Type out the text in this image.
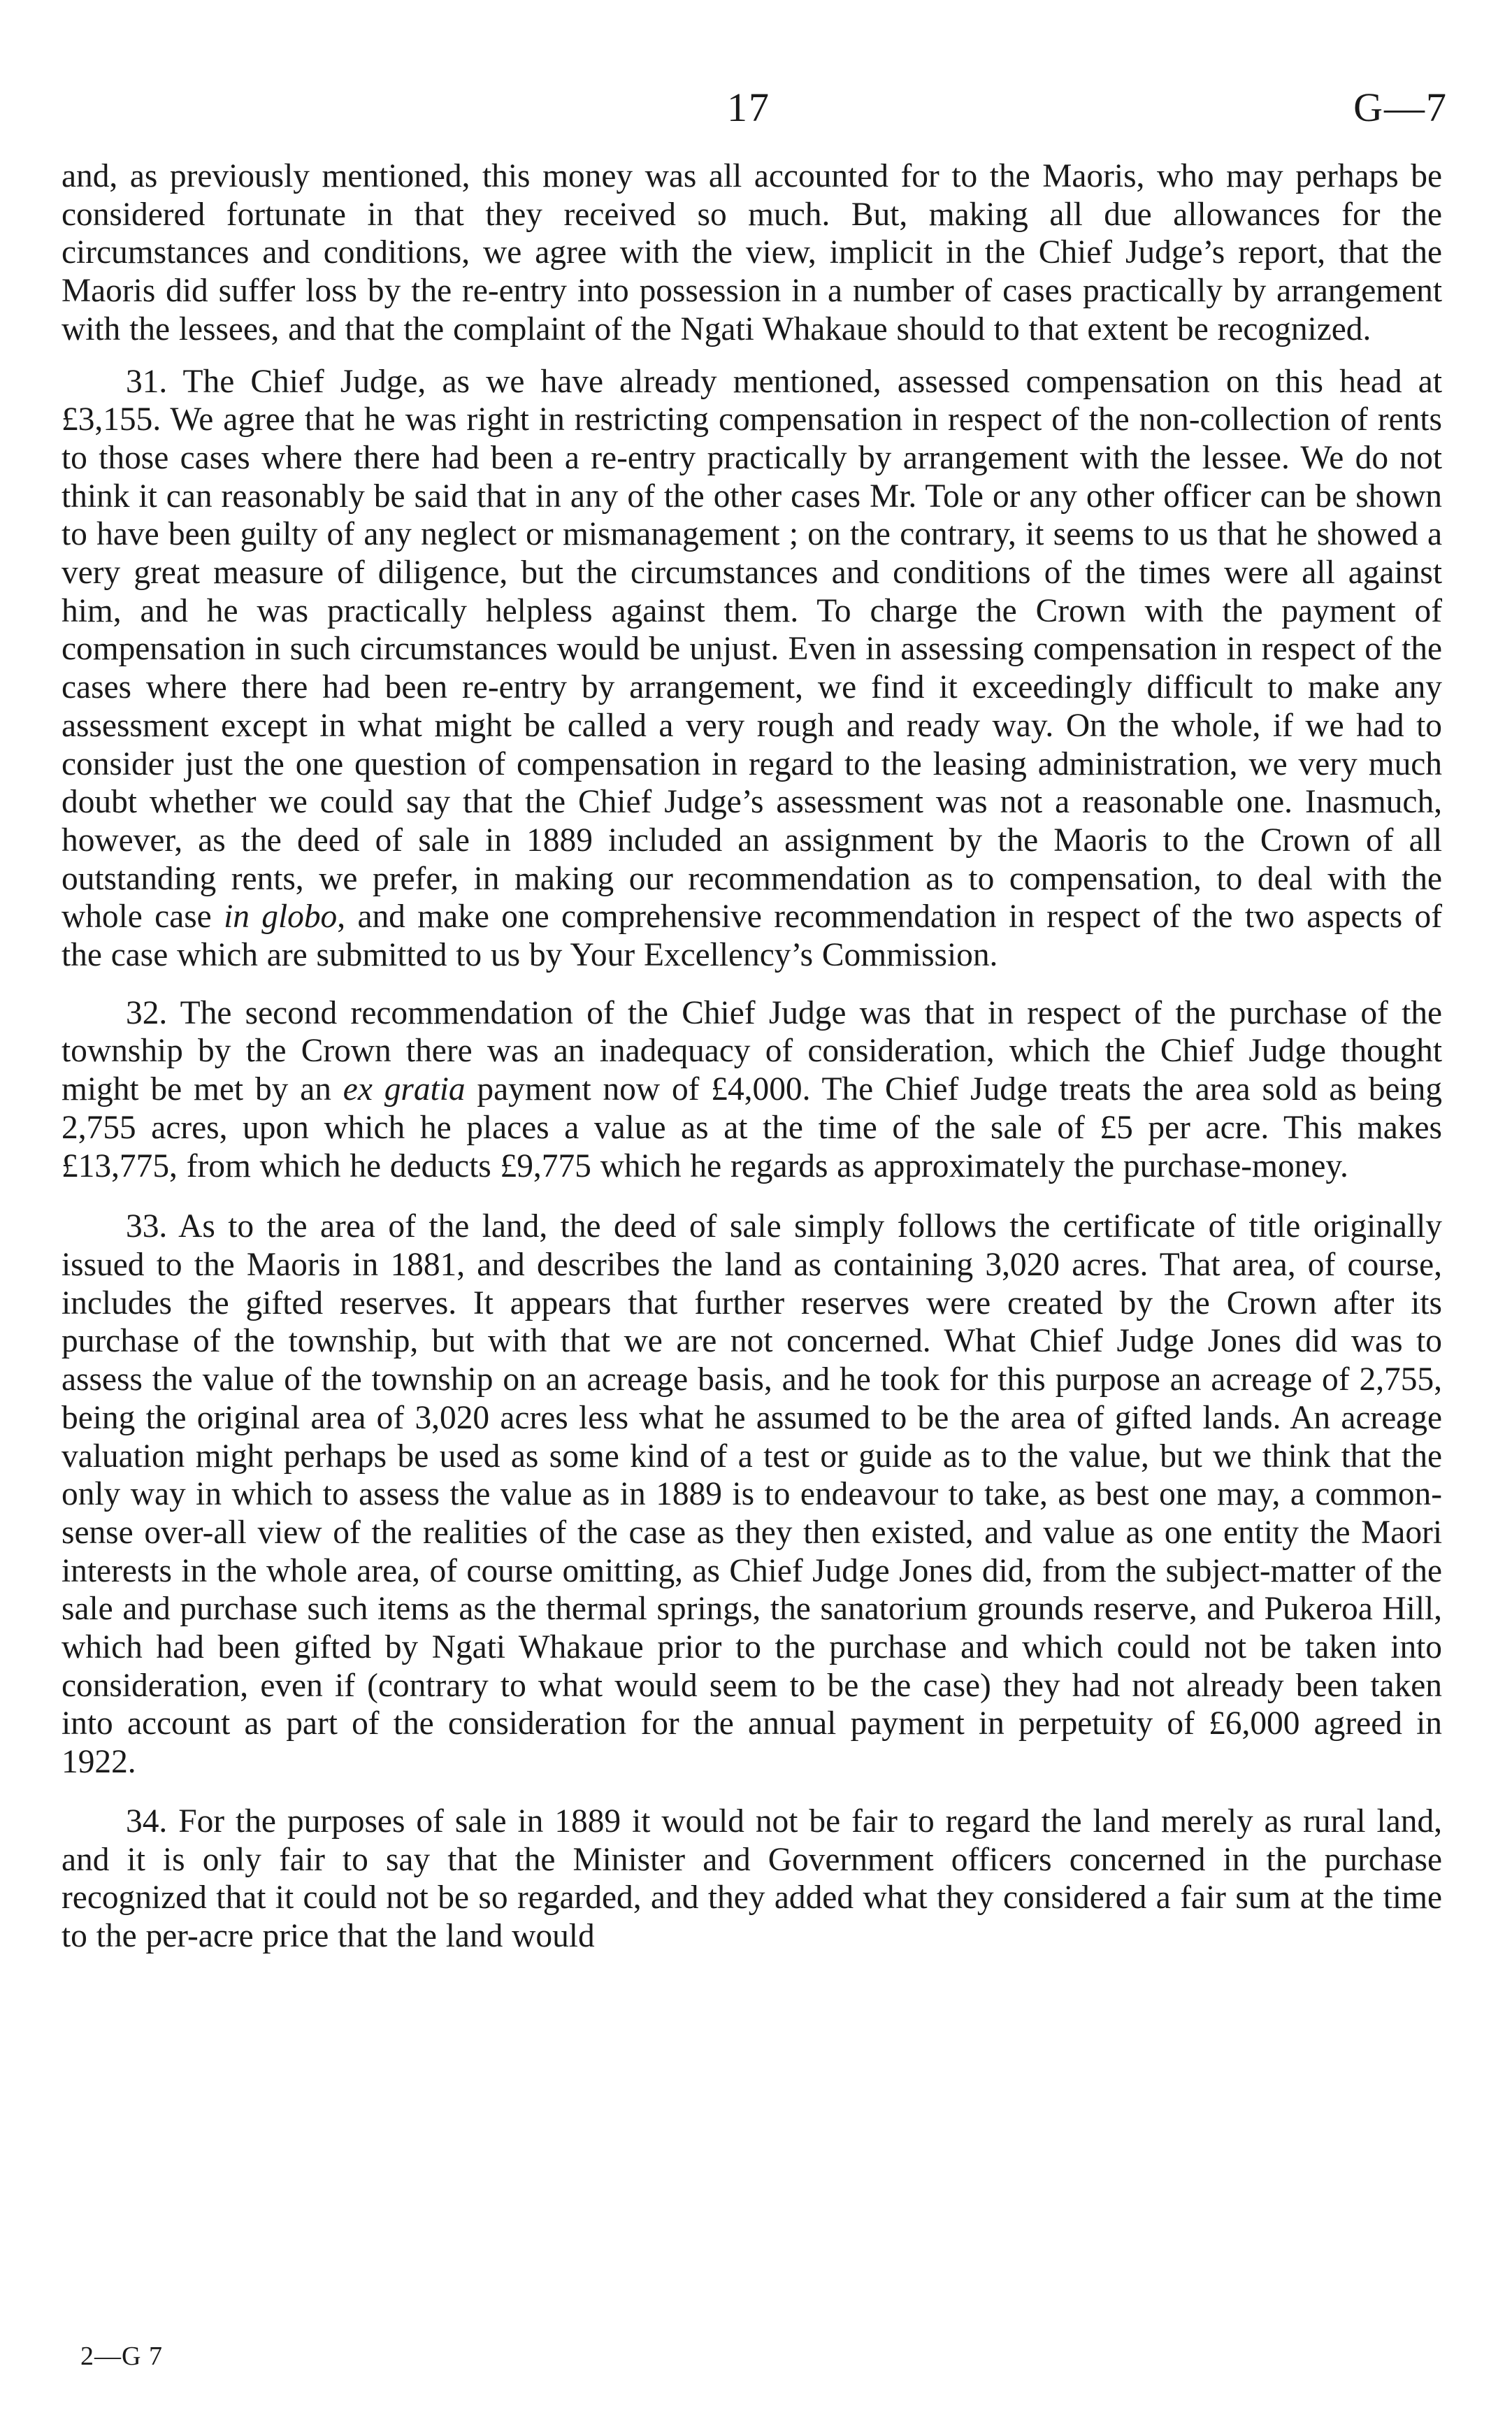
17	G—7

and, as previously mentioned, this money was all accounted for to the Maoris, who may perhaps be considered fortunate in that they received so much. But, making all due allowances for the circumstances and conditions, we agree with the view, implicit in the Chief Judge’s report, that the Maoris did suffer loss by the re-entry into possession in a number of cases practically by arrangement with the lessees, and that the complaint of the Ngati Whakaue should to that extent be recognized.

31. The Chief Judge, as we have already mentioned, assessed compensation on this head at £3,155. We agree that he was right in restricting compensation in respect of the non-collection of rents to those cases where there had been a re-entry practically by arrangement with the lessee. We do not think it can reasonably be said that in any of the other cases Mr. Tole or any other officer can be shown to have been guilty of any neglect or mismanagement ; on the contrary, it seems to us that he showed a very great measure of diligence, but the circumstances and conditions of the times were all against him, and he was practically helpless against them. To charge the Crown with the payment of compensation in such circumstances would be unjust. Even in assessing compensation in respect of the cases where there had been re-entry by arrangement, we find it exceedingly difficult to make any assessment except in what might be called a very rough and ready way. On the whole, if we had to consider just the one question of compensation in regard to the leasing administration, we very much doubt whether we could say that the Chief Judge’s assessment was not a reasonable one. Inasmuch, however, as the deed of sale in 1889 included an assignment by the Maoris to the Crown of all outstanding rents, we prefer, in making our recommendation as to compensation, to deal with the whole case in globo, and make one comprehensive recommendation in respect of the two aspects of the case which are submitted to us by Your Excellency’s Commission.

32. The second recommendation of the Chief Judge was that in respect of the purchase of the township by the Crown there was an inadequacy of consideration, which the Chief Judge thought might be met by an ex gratia payment now of £4,000. The Chief Judge treats the area sold as being 2,755 acres, upon which he places a value as at the time of the sale of £5 per acre. This makes £13,775, from which he deducts £9,775 which he regards as approximately the purchase-money.

33. As to the area of the land, the deed of sale simply follows the certificate of title originally issued to the Maoris in 1881, and describes the land as containing 3,020 acres. That area, of course, includes the gifted reserves. It appears that further reserves were created by the Crown after its purchase of the township, but with that we are not concerned. What Chief Judge Jones did was to assess the value of the township on an acreage basis, and he took for this purpose an acreage of 2,755, being the original area of 3,020 acres less what he assumed to be the area of gifted lands. An acreage valuation might perhaps be used as some kind of a test or guide as to the value, but we think that the only way in which to assess the value as in 1889 is to endeavour to take, as best one may, a common-sense over-all view of the realities of the case as they then existed, and value as one entity the Maori interests in the whole area, of course omitting, as Chief Judge Jones did, from the subject-matter of the sale and purchase such items as the thermal springs, the sanatorium grounds reserve, and Pukeroa Hill, which had been gifted by Ngati Whakaue prior to the purchase and which could not be taken into consideration, even if (contrary to what would seem to be the case) they had not already been taken into account as part of the consideration for the annual payment in perpetuity of £6,000 agreed in 1922.

34. For the purposes of sale in 1889 it would not be fair to regard the land merely as rural land, and it is only fair to say that the Minister and Government officers concerned in the purchase recognized that it could not be so regarded, and they added what they considered a fair sum at the time to the per-acre price that the land would

2—G 7
